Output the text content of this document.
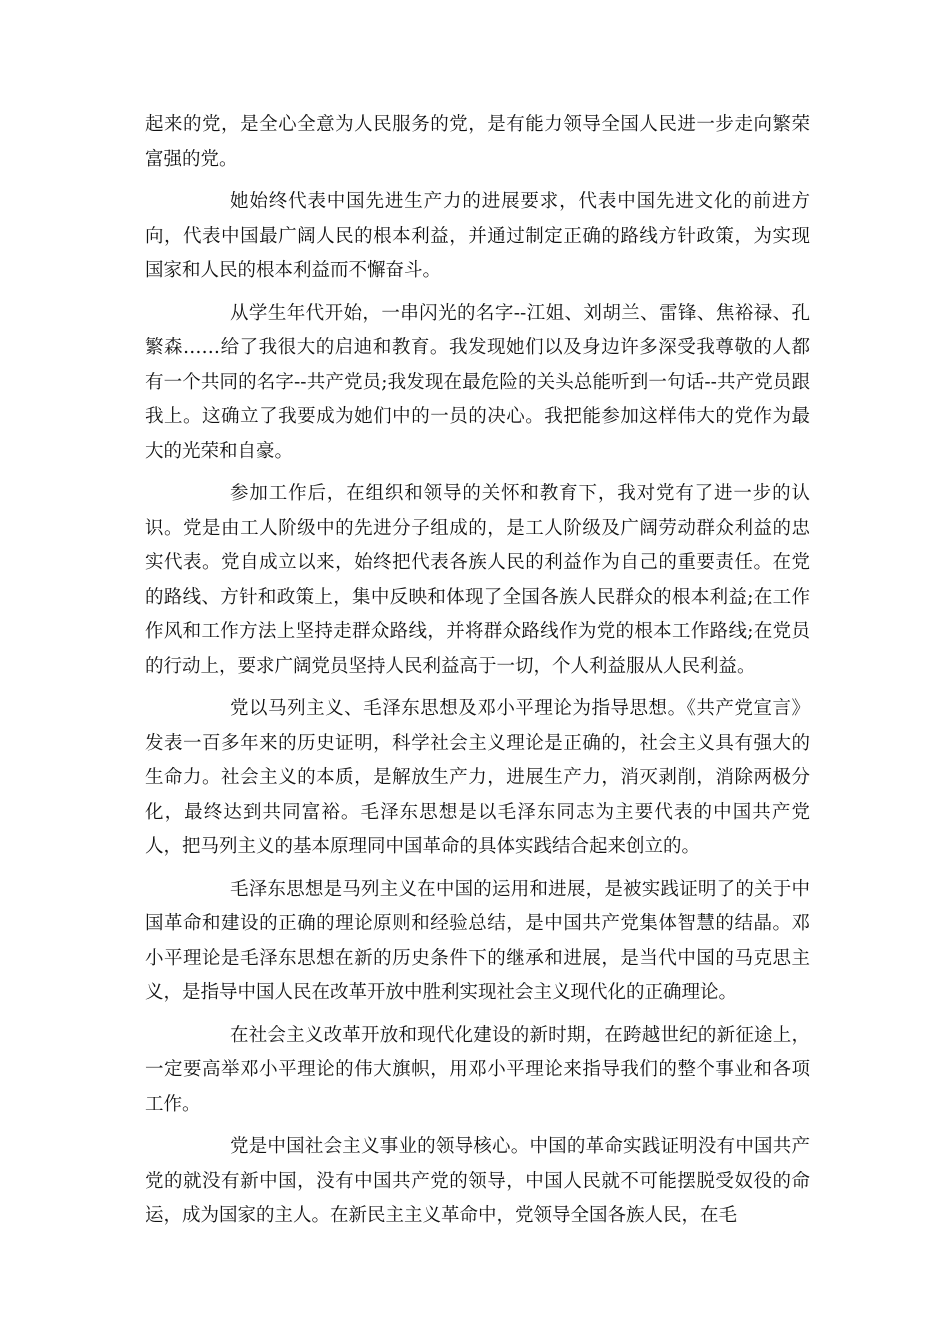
起来的党，是全心全意为人民服务的党，是有能力领导全国人民进一步走向繁荣富强的党。

她始终代表中国先进生产力的进展要求，代表中国先进文化的前进方向，代表中国最广阔人民的根本利益，并通过制定正确的路线方针政策，为实现国家和人民的根本利益而不懈奋斗。

从学生年代开始，一串闪光的名字--江姐、刘胡兰、雷锋、焦裕禄、孔繁森……给了我很大的启迪和教育。我发现她们以及身边许多深受我尊敬的人都有一个共同的名字--共产党员;我发现在最危险的关头总能听到一句话--共产党员跟我上。这确立了我要成为她们中的一员的决心。我把能参加这样伟大的党作为最大的光荣和自豪。

参加工作后，在组织和领导的关怀和教育下，我对党有了进一步的认识。党是由工人阶级中的先进分子组成的，是工人阶级及广阔劳动群众利益的忠实代表。党自成立以来，始终把代表各族人民的利益作为自己的重要责任。在党的路线、方针和政策上，集中反映和体现了全国各族人民群众的根本利益;在工作作风和工作方法上坚持走群众路线，并将群众路线作为党的根本工作路线;在党员的行动上，要求广阔党员坚持人民利益高于一切，个人利益服从人民利益。

党以马列主义、毛泽东思想及邓小平理论为指导思想。《共产党宣言》发表一百多年来的历史证明，科学社会主义理论是正确的，社会主义具有强大的生命力。社会主义的本质，是解放生产力，进展生产力，消灭剥削，消除两极分化，最终达到共同富裕。毛泽东思想是以毛泽东同志为主要代表的中国共产党人，把马列主义的基本原理同中国革命的具体实践结合起来创立的。

毛泽东思想是马列主义在中国的运用和进展，是被实践证明了的关于中国革命和建设的正确的理论原则和经验总结，是中国共产党集体智慧的结晶。邓小平理论是毛泽东思想在新的历史条件下的继承和进展，是当代中国的马克思主义，是指导中国人民在改革开放中胜利实现社会主义现代化的正确理论。

在社会主义改革开放和现代化建设的新时期，在跨越世纪的新征途上，一定要高举邓小平理论的伟大旗帜，用邓小平理论来指导我们的整个事业和各项工作。

党是中国社会主义事业的领导核心。中国的革命实践证明没有中国共产党的就没有新中国，没有中国共产党的领导，中国人民就不可能摆脱受奴役的命运，成为国家的主人。在新民主主义革命中，党领导全国各族人民，在毛
